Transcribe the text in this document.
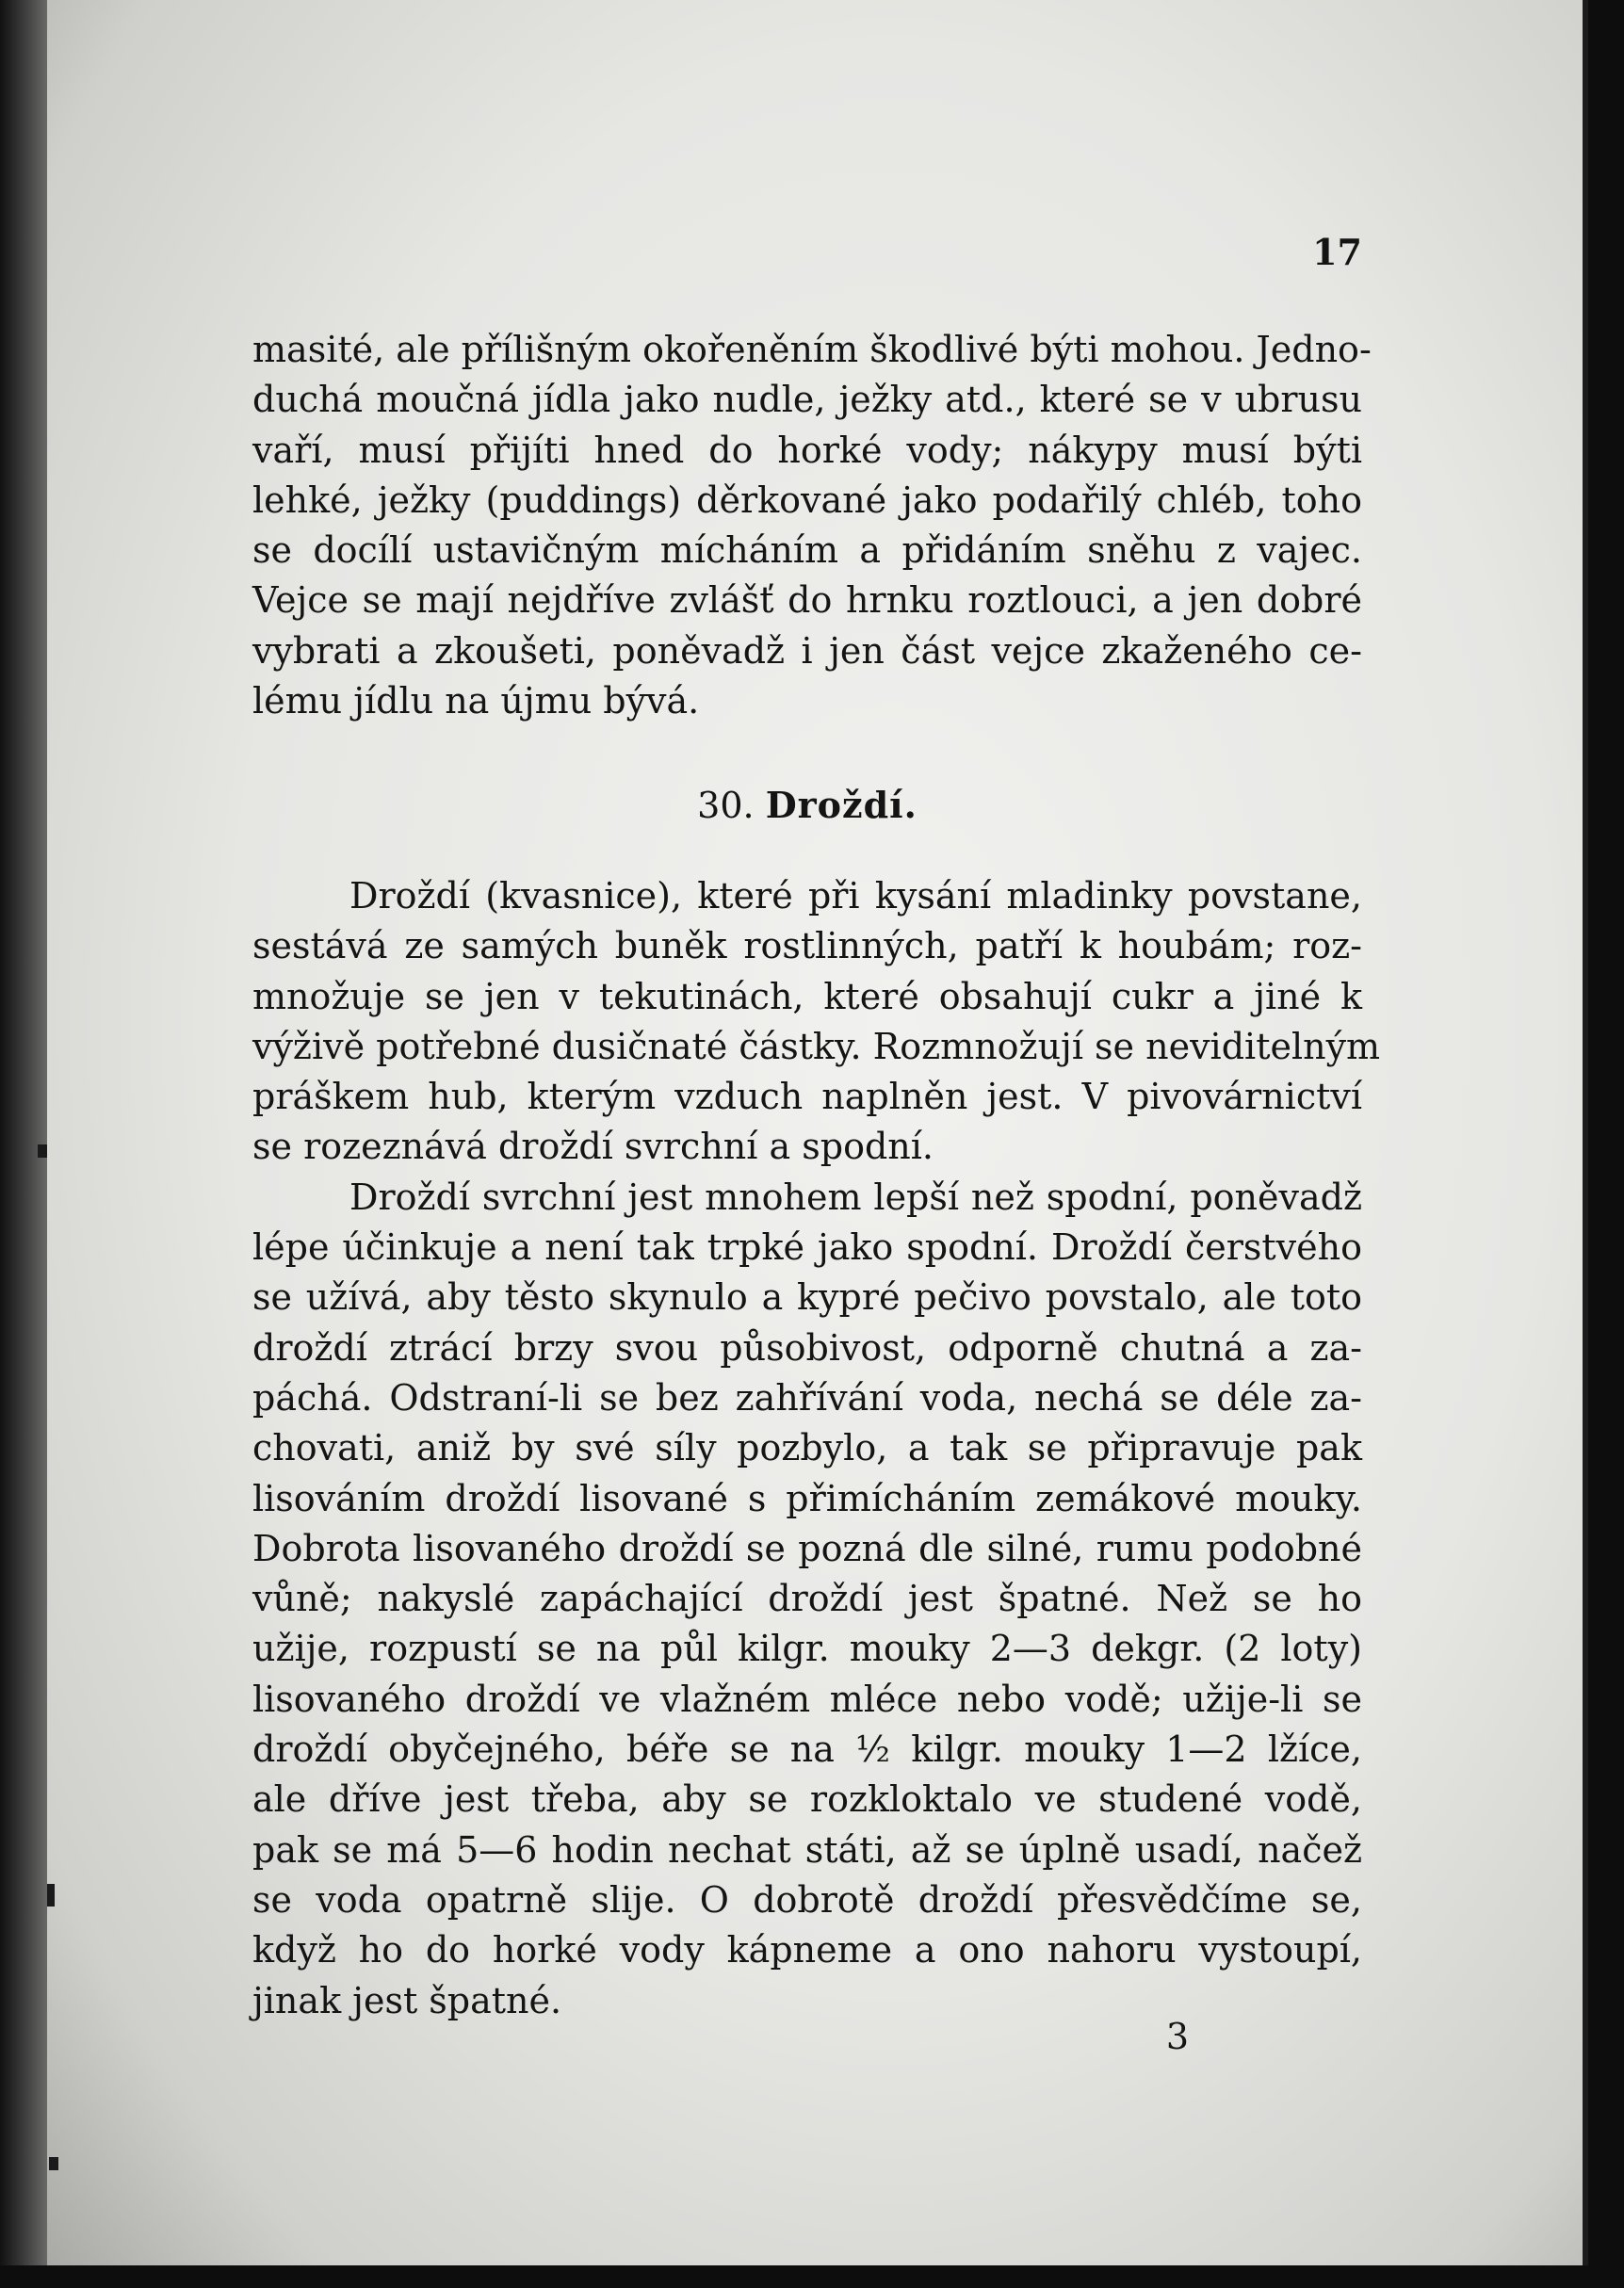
17
masité, ale přílišným okořeněním škodlivé býti mohou. Jedno-
duchá moučná jídla jako nudle, ježky atd., které se v ubrusu
vaří, musí přijíti hned do horké vody; nákypy musí býti
lehké, ježky (puddings) děrkované jako podařilý chléb, toho
se docílí ustavičným mícháním a přidáním sněhu z vajec.
Vejce se mají nejdříve zvlášť do hrnku roztlouci, a jen dobré
vybrati a zkoušeti, poněvadž i jen část vejce zkaženého ce-
lému jídlu na újmu bývá.
30. Droždí.
Droždí (kvasnice), které při kysání mladinky povstane,
sestává ze samých buněk rostlinných, patří k houbám; roz-
množuje se jen v tekutinách, které obsahují cukr a jiné k
výživě potřebné dusičnaté částky. Rozmnožují se neviditelným
práškem hub, kterým vzduch naplněn jest. V pivovárnictví
se rozeznává droždí svrchní a spodní.
Droždí svrchní jest mnohem lepší než spodní, poněvadž
lépe účinkuje a není tak trpké jako spodní. Droždí čerstvého
se užívá, aby těsto skynulo a kypré pečivo povstalo, ale toto
droždí ztrácí brzy svou působivost, odporně chutná a za-
páchá. Odstraní-li se bez zahřívání voda, nechá se déle za-
chovati, aniž by své síly pozbylo, a tak se připravuje pak
lisováním droždí lisované s přimícháním zemákové mouky.
Dobrota lisovaného droždí se pozná dle silné, rumu podobné
vůně; nakyslé zapáchající droždí jest špatné. Než se ho
užije, rozpustí se na půl kilgr. mouky 2—3 dekgr. (2 loty)
lisovaného droždí ve vlažném mléce nebo vodě; užije-li se
droždí obyčejného, béře se na ½ kilgr. mouky 1—2 lžíce,
ale dříve jest třeba, aby se rozkloktalo ve studené vodě,
pak se má 5—6 hodin nechat státi, až se úplně usadí, načež
se voda opatrně slije. O dobrotě droždí přesvědčíme se,
když ho do horké vody kápneme a ono nahoru vystoupí,
jinak jest špatné.
3
